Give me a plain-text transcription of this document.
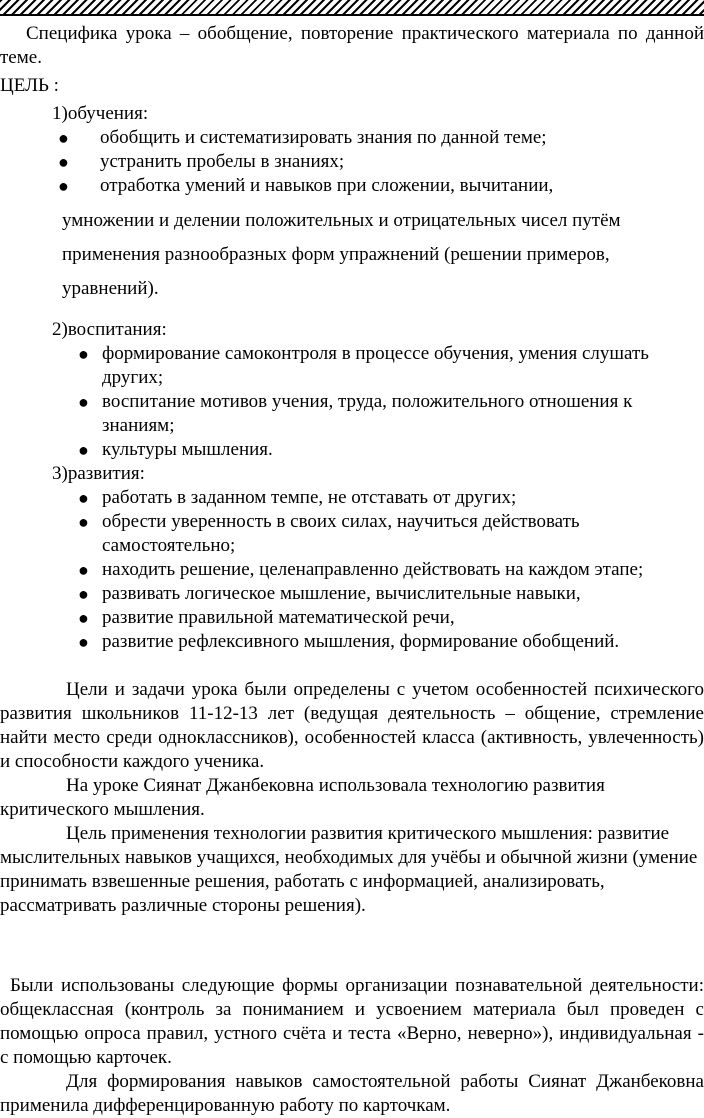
Специфика урока – обобщение, повторение практического материала по данной теме.

ЦЕЛЬ :

1)обучения:

● обобщить и систематизировать знания по данной теме;
● устранить пробелы в знаниях;
● отработка умений и навыков при сложении, вычитании,

умножении и делении положительных и отрицательных чисел путём применения разнообразных форм упражнений (решении примеров, уравнений).

2)воспитания:

● формирование самоконтроля в процессе обучения, умения слушать других;
● воспитание мотивов учения, труда, положительного отношения к знаниям;
● культуры мышления.

3)развития:

● работать в заданном темпе, не отставать от других;
● обрести уверенность в своих силах, научиться действовать самостоятельно;
● находить решение, целенаправленно действовать на каждом этапе;
● развивать логическое мышление, вычислительные навыки,
● развитие правильной математической речи,
● развитие рефлексивного мышления, формирование обобщений.

Цели и задачи урока были определены с учетом особенностей психического развития школьников 11-12-13 лет (ведущая деятельность – общение, стремление найти место среди одноклассников), особенностей класса (активность, увлеченность) и способности каждого ученика.

На уроке Сиянат Джанбековна использовала технологию развития критического мышления.

Цель применения технологии развития критического мышления: развитие мыслительных навыков учащихся, необходимых для учёбы и обычной жизни (умение принимать взвешенные решения, работать с информацией, анализировать, рассматривать различные стороны решения).

Были использованы следующие формы организации познавательной деятельности: общеклассная (контроль за пониманием и усвоением материала был проведен с помощью опроса правил, устного счёта и теста «Верно, неверно»), индивидуальная - с помощью карточек.

Для формирования навыков самостоятельной работы Сиянат Джанбековна применила дифференцированную работу по карточкам.
